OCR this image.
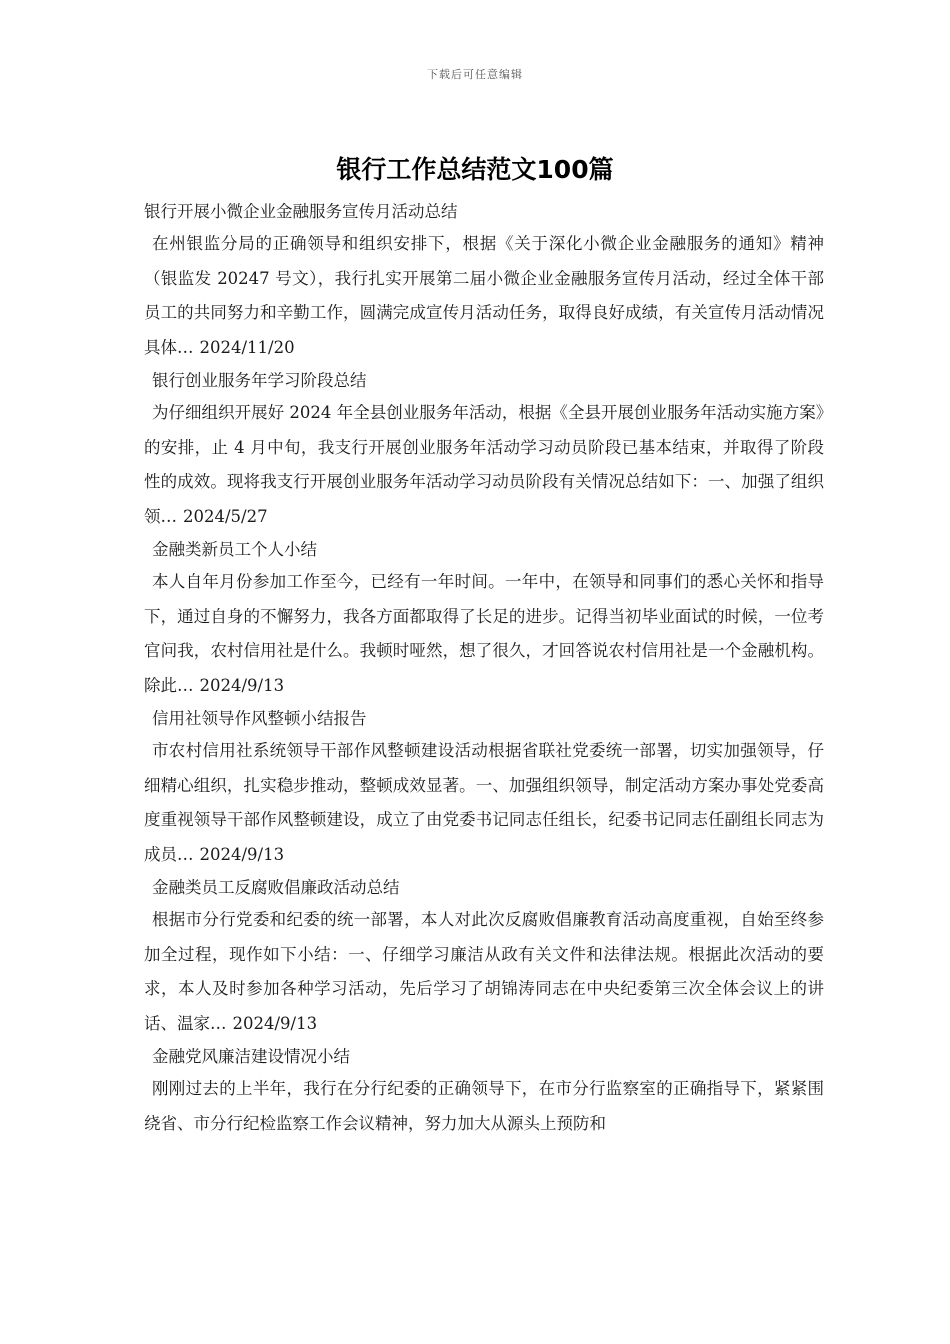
下载后可任意编辑
银行工作总结范文100篇
银行开展小微企业金融服务宣传月活动总结
在州银监分局的正确领导和组织安排下，根据《关于深化小微企业金融服务的通知》精神（银监发 20247 号文），我行扎实开展第二届小微企业金融服务宣传月活动，经过全体干部员工的共同努力和辛勤工作，圆满完成宣传月活动任务，取得良好成绩，有关宣传月活动情况具体… 2024/11/20
银行创业服务年学习阶段总结
为仔细组织开展好 2024 年全县创业服务年活动，根据《全县开展创业服务年活动实施方案》的安排，止 4 月中旬，我支行开展创业服务年活动学习动员阶段已基本结束，并取得了阶段性的成效。现将我支行开展创业服务年活动学习动员阶段有关情况总结如下：一、加强了组织领… 2024/5/27
金融类新员工个人小结
本人自年月份参加工作至今，已经有一年时间。一年中，在领导和同事们的悉心关怀和指导下，通过自身的不懈努力，我各方面都取得了长足的进步。记得当初毕业面试的时候，一位考官问我，农村信用社是什么。我顿时哑然，想了很久，才回答说农村信用社是一个金融机构。除此… 2024/9/13
信用社领导作风整顿小结报告
市农村信用社系统领导干部作风整顿建设活动根据省联社党委统一部署，切实加强领导，仔细精心组织，扎实稳步推动，整顿成效显著。一、加强组织领导，制定活动方案办事处党委高度重视领导干部作风整顿建设，成立了由党委书记同志任组长，纪委书记同志任副组长同志为成员… 2024/9/13
金融类员工反腐败倡廉政活动总结
根据市分行党委和纪委的统一部署，本人对此次反腐败倡廉教育活动高度重视，自始至终参加全过程，现作如下小结：一、仔细学习廉洁从政有关文件和法律法规。根据此次活动的要求，本人及时参加各种学习活动，先后学习了胡锦涛同志在中央纪委第三次全体会议上的讲话、温家… 2024/9/13
金融党风廉洁建设情况小结
刚刚过去的上半年，我行在分行纪委的正确领导下，在市分行监察室的正确指导下，紧紧围绕省、市分行纪检监察工作会议精神，努力加大从源头上预防和
